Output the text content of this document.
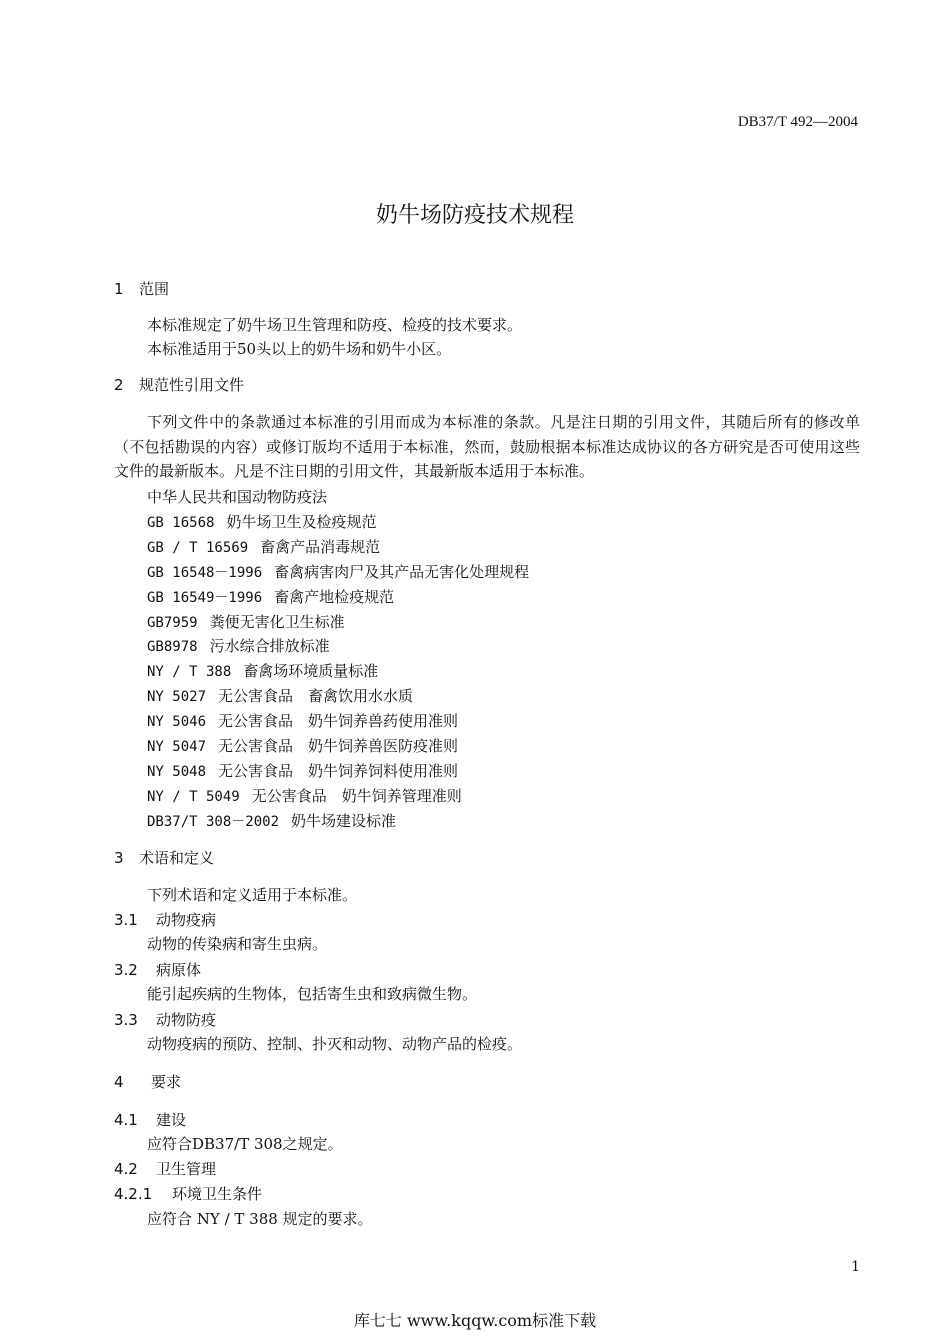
DB37/T 492—2004
奶牛场防疫技术规程
1 范围
本标准规定了奶牛场卫生管理和防疫、检疫的技术要求。
本标准适用于50头以上的奶牛场和奶牛小区。
2 规范性引用文件
下列文件中的条款通过本标准的引用而成为本标准的条款。凡是注日期的引用文件，其随后所有的修改单（不包括勘误的内容）或修订版均不适用于本标准，然而，鼓励根据本标准达成协议的各方研究是否可使用这些文件的最新版本。凡是不注日期的引用文件，其最新版本适用于本标准。
中华人民共和国动物防疫法
GB 16568 奶牛场卫生及检疫规范
GB / T 16569 畜禽产品消毒规范
GB 16548－1996 畜禽病害肉尸及其产品无害化处理规程
GB 16549－1996 畜禽产地检疫规范
GB7959 粪便无害化卫生标准
GB8978 污水综合排放标准
NY / T 388 畜禽场环境质量标准
NY 5027 无公害食品　畜禽饮用水水质
NY 5046 无公害食品　奶牛饲养兽药使用准则
NY 5047 无公害食品　奶牛饲养兽医防疫准则
NY 5048 无公害食品　奶牛饲养饲料使用准则
NY / T 5049 无公害食品　奶牛饲养管理准则
DB37/T 308－2002 奶牛场建设标准
3 术语和定义
下列术语和定义适用于本标准。
3.1 动物疫病
动物的传染病和寄生虫病。
3.2 病原体
能引起疾病的生物体，包括寄生虫和致病微生物。
3.3 动物防疫
动物疫病的预防、控制、扑灭和动物、动物产品的检疫。
4 要求
4.1 建设
应符合DB37/T 308之规定。
4.2 卫生管理
4.2.1 环境卫生条件
应符合 NY / T 388 规定的要求。
1
库七七 www.kqqw.com标准下载
